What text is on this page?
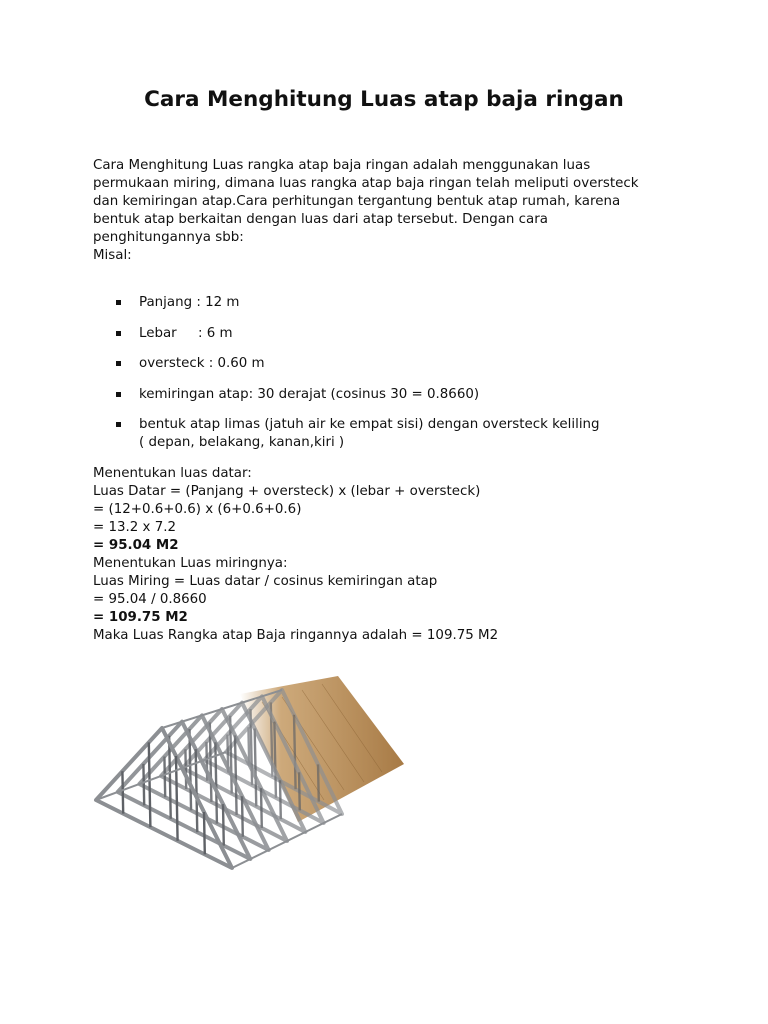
Cara Menghitung Luas atap baja ringan

Cara Menghitung Luas rangka atap baja ringan adalah menggunakan luas

permukaan miring, dimana luas rangka atap baja ringan telah meliputi oversteck

dan kemiringan atap.Cara perhitungan tergantung bentuk atap rumah, karena

bentuk atap berkaitan dengan luas dari atap tersebut. Dengan cara

penghitungannya sbb:

Misal:

Panjang : 12 m
Lebar     : 6 m
oversteck : 0.60 m
kemiringan atap: 30 derajat (cosinus 30 = 0.8660)
bentuk atap limas (jatuh air ke empat sisi) dengan oversteck keliling
( depan, belakang, kanan,kiri )
Menentukan luas datar:
Luas Datar = (Panjang + oversteck) x (lebar + oversteck)
= (12+0.6+0.6) x (6+0.6+0.6)
= 13.2 x 7.2
= 95.04 M2
Menentukan Luas miringnya:
Luas Miring = Luas datar / cosinus kemiringan atap
= 95.04 / 0.8660
= 109.75 M2
Maka Luas Rangka atap Baja ringannya adalah = 109.75 M2
